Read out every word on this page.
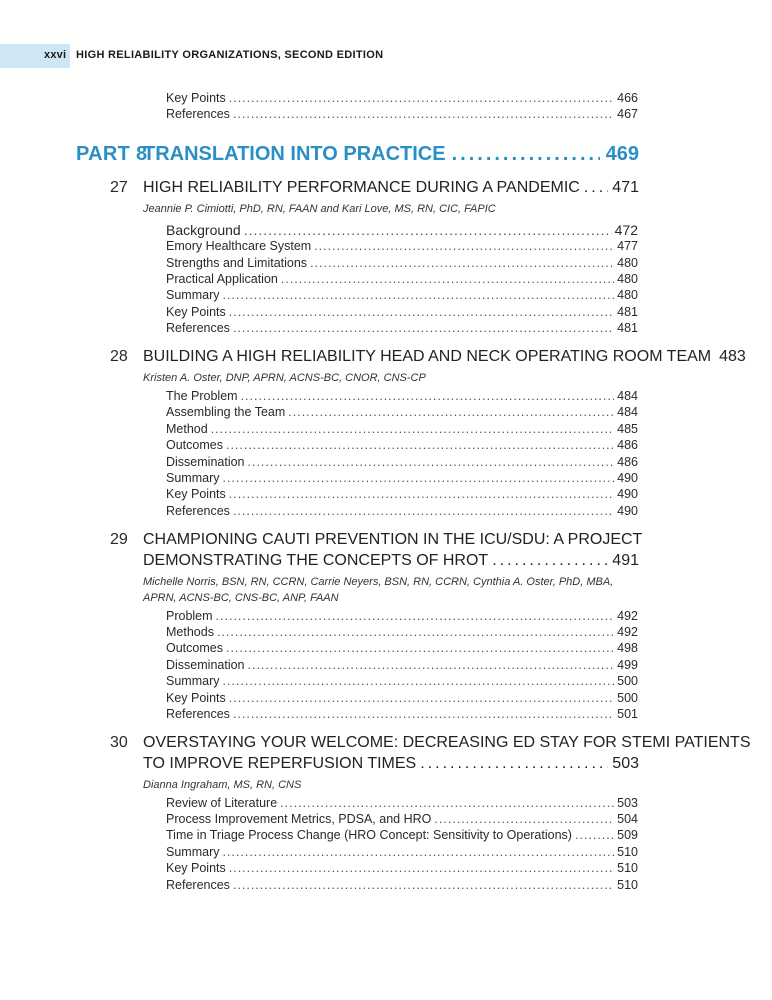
xxvi HIGH RELIABILITY ORGANIZATIONS, SECOND EDITION
Key Points .....	466
References .....	467
PART 8
TRANSLATION INTO PRACTICE .....	469
27 HIGH RELIABILITY PERFORMANCE DURING A PANDEMIC ..... 471
Jeannie P. Cimiotti, PhD, RN, FAAN and Kari Love, MS, RN, CIC, FAPIC
Background .....	472
Emory Healthcare System .....	477
Strengths and Limitations .....	480
Practical Application .....	480
Summary .....	480
Key Points .....	481
References .....	481
28 BUILDING A HIGH RELIABILITY HEAD AND NECK OPERATING ROOM TEAM 483
Kristen A. Oster, DNP, APRN, ACNS-BC, CNOR, CNS-CP
The Problem .....	484
Assembling the Team .....	484
Method .....	485
Outcomes .....	486
Dissemination .....	486
Summary .....	490
Key Points .....	490
References .....	490
29 CHAMPIONING CAUTI PREVENTION IN THE ICU/SDU: A PROJECT
DEMONSTRATING THE CONCEPTS OF HROT .....	491
Michelle Norris, BSN, RN, CCRN, Carrie Neyers, BSN, RN, CCRN, Cynthia A. Oster, PhD, MBA, APRN, ACNS-BC, CNS-BC, ANP, FAAN
Problem .....	492
Methods .....	492
Outcomes .....	498
Dissemination .....	499
Summary .....	500
Key Points .....	500
References .....	501
30 OVERSTAYING YOUR WELCOME: DECREASING ED STAY FOR STEMI PATIENTS
TO IMPROVE REPERFUSION TIMES .....	503
Dianna Ingraham, MS, RN, CNS
Review of Literature .....	503
Process Improvement Metrics, PDSA, and HRO .....	504
Time in Triage Process Change (HRO Concept: Sensitivity to Operations) .....	509
Summary .....	510
Key Points .....	510
References .....	510
